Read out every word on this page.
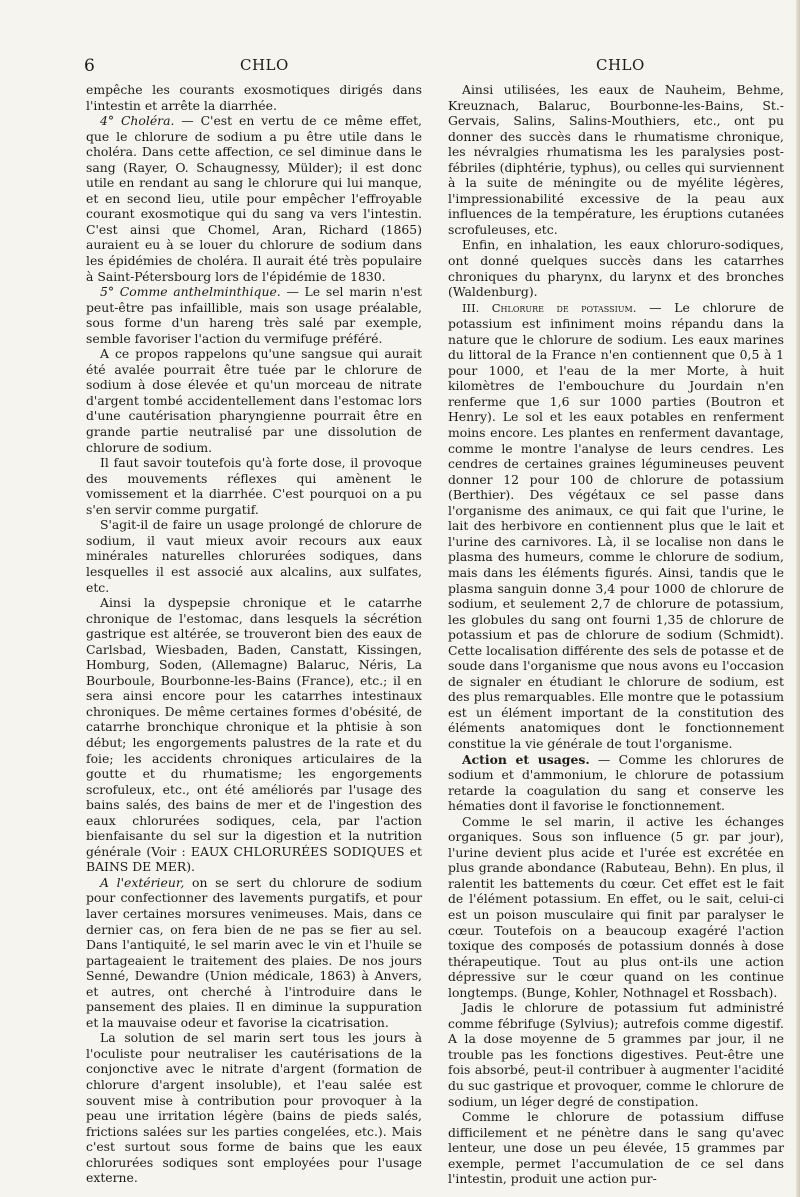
6	CHLO	CHLO

empêche les courants exosmotiques dirigés dans l'intestin et arrête la diarrhée.

4° Choléra. — C'est en vertu de ce même effet, que le chlorure de sodium a pu être utile dans le choléra. Dans cette affection, ce sel diminue dans le sang (Rayer, O. Schaugnessy, Mülder); il est donc utile en rendant au sang le chlorure qui lui manque, et en second lieu, utile pour empêcher l'effroyable courant exosmotique qui du sang va vers l'intestin. C'est ainsi que Chomel, Aran, Richard (1865) auraient eu à se louer du chlorure de sodium dans les épidémies de choléra. Il aurait été très populaire à Saint-Pétersbourg lors de l'épidémie de 1830.

5° Comme anthelminthique. — Le sel marin n'est peut-être pas infaillible, mais son usage préalable, sous forme d'un hareng très salé par exemple, semble favoriser l'action du vermifuge préféré.

A ce propos rappelons qu'une sangsue qui aurait été avalée pourrait être tuée par le chlorure de sodium à dose élevée et qu'un morceau de nitrate d'argent tombé accidentellement dans l'estomac lors d'une cautérisation pharyngienne pourrait être en grande partie neutralisé par une dissolution de chlorure de sodium.

Il faut savoir toutefois qu'à forte dose, il provoque des mouvements réflexes qui amènent le vomissement et la diarrhée. C'est pourquoi on a pu s'en servir comme purgatif.

S'agit-il de faire un usage prolongé de chlorure de sodium, il vaut mieux avoir recours aux eaux minérales naturelles chlorurées sodiques, dans lesquelles il est associé aux alcalins, aux sulfates, etc.

Ainsi la dyspepsie chronique et le catarrhe chronique de l'estomac, dans lesquels la sécrétion gastrique est altérée, se trouveront bien des eaux de Carlsbad, Wiesbaden, Baden, Canstatt, Kissingen, Homburg, Soden, (Allemagne) Balaruc, Néris, La Bourboule, Bourbonne-les-Bains (France), etc.; il en sera ainsi encore pour les catarrhes intestinaux chroniques. De même certaines formes d'obésité, de catarrhe bronchique chronique et la phtisie à son début; les engorgements palustres de la rate et du foie; les accidents chroniques articulaires de la goutte et du rhumatisme; les engorgements scrofuleux, etc., ont été améliorés par l'usage des bains salés, des bains de mer et de l'ingestion des eaux chlorurées sodiques, cela, par l'action bienfaisante du sel sur la digestion et la nutrition générale (Voir : EAUX CHLORURÉES SODIQUES et BAINS DE MER).

A l'extérieur, on se sert du chlorure de sodium pour confectionner des lavements purgatifs, et pour laver certaines morsures venimeuses. Mais, dans ce dernier cas, on fera bien de ne pas se fier au sel. Dans l'antiquité, le sel marin avec le vin et l'huile se partageaient le traitement des plaies. De nos jours Senné, Dewandre (Union médicale, 1863) à Anvers, et autres, ont cherché à l'introduire dans le pansement des plaies. Il en diminue la suppuration et la mauvaise odeur et favorise la cicatrisation.

La solution de sel marin sert tous les jours à l'oculiste pour neutraliser les cautérisations de la conjonctive avec le nitrate d'argent (formation de chlorure d'argent insoluble), et l'eau salée est souvent mise à contribution pour provoquer à la peau une irritation légère (bains de pieds salés, frictions salées sur les parties congelées, etc.). Mais c'est surtout sous forme de bains que les eaux chlorurées sodiques sont employées pour l'usage externe.

Ainsi utilisées, les eaux de Nauheim, Behme, Kreuznach, Balaruc, Bourbonne-les-Bains, St.-Gervais, Salins, Salins-Mouthiers, etc., ont pu donner des succès dans le rhumatisme chronique, les névralgies rhumatisma les les paralysies post-fébriles (diphtérie, typhus), ou celles qui surviennent à la suite de méningite ou de myélite légères, l'impressionabilité excessive de la peau aux influences de la température, les éruptions cutanées scrofuleuses, etc.

Enfin, en inhalation, les eaux chloruro-sodiques, ont donné quelques succès dans les catarrhes chroniques du pharynx, du larynx et des bronches (Waldenburg).

III. Chlorure de potassium. — Le chlorure de potassium est infiniment moins répandu dans la nature que le chlorure de sodium. Les eaux marines du littoral de la France n'en contiennent que 0,5 à 1 pour 1000, et l'eau de la mer Morte, à huit kilomètres de l'embouchure du Jourdain n'en renferme que 1,6 sur 1000 parties (Boutron et Henry). Le sol et les eaux potables en renferment moins encore. Les plantes en renferment davantage, comme le montre l'analyse de leurs cendres. Les cendres de certaines graines légumineuses peuvent donner 12 pour 100 de chlorure de potassium (Berthier). Des végétaux ce sel passe dans l'organisme des animaux, ce qui fait que l'urine, le lait des herbivore en contiennent plus que le lait et l'urine des carnivores. Là, il se localise non dans le plasma des humeurs, comme le chlorure de sodium, mais dans les éléments figurés. Ainsi, tandis que le plasma sanguin donne 3,4 pour 1000 de chlorure de sodium, et seulement 2,7 de chlorure de potassium, les globules du sang ont fourni 1,35 de chlorure de potassium et pas de chlorure de sodium (Schmidt). Cette localisation différente des sels de potasse et de soude dans l'organisme que nous avons eu l'occasion de signaler en étudiant le chlorure de sodium, est des plus remarquables. Elle montre que le potassium est un élément important de la constitution des éléments anatomiques dont le fonctionnement constitue la vie générale de tout l'organisme.

Action et usages. — Comme les chlorures de sodium et d'ammonium, le chlorure de potassium retarde la coagulation du sang et conserve les hématies dont il favorise le fonctionnement.

Comme le sel marin, il active les échanges organiques. Sous son influence (5 gr. par jour), l'urine devient plus acide et l'urée est excrétée en plus grande abondance (Rabuteau, Behn). En plus, il ralentit les battements du cœur. Cet effet est le fait de l'élément potassium. En effet, ou le sait, celui-ci est un poison musculaire qui finit par paralyser le cœur. Toutefois on a beaucoup exagéré l'action toxique des composés de potassium donnés à dose thérapeutique. Tout au plus ont-ils une action dépressive sur le cœur quand on les continue longtemps. (Bunge, Kohler, Nothnagel et Rossbach).

Jadis le chlorure de potassium fut administré comme fébrifuge (Sylvius); autrefois comme digestif. A la dose moyenne de 5 grammes par jour, il ne trouble pas les fonctions digestives. Peut-être une fois absorbé, peut-il contribuer à augmenter l'acidité du suc gastrique et provoquer, comme le chlorure de sodium, un léger degré de constipation.

Comme le chlorure de potassium diffuse difficilement et ne pénètre dans le sang qu'avec lenteur, une dose un peu élevée, 15 grammes par exemple, permet l'accumulation de ce sel dans l'intestin, produit une action pur-
